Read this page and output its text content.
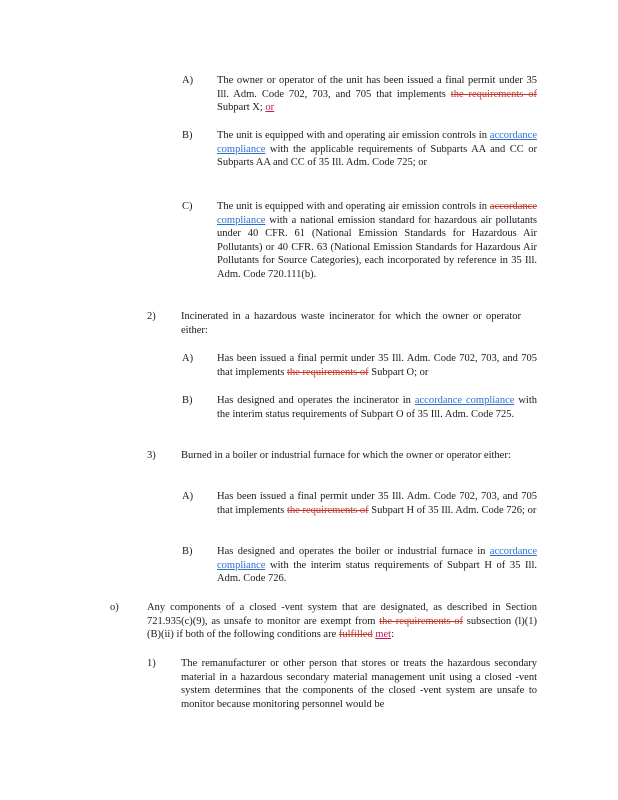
A) The owner or operator of the unit has been issued a final permit under 35 Ill. Adm. Code 702, 703, and 705 that implements the requirements of Subpart X; or

B) The unit is equipped with and operating air emission controls in accordance compliance with the applicable requirements of Subparts AA and CC or Subparts AA and CC of 35 Ill. Adm. Code 725; or

C) The unit is equipped with and operating air emission controls in accordance compliance with a national emission standard for hazardous air pollutants under 40 CFR. 61 (National Emission Standards for Hazardous Air Pollutants) or 40 CFR. 63 (National Emission Standards for Hazardous Air Pollutants for Source Categories), each incorporated by reference in 35 Ill. Adm. Code 720.111(b).

2) Incinerated in a hazardous waste incinerator for which the owner or operator either:

A) Has been issued a final permit under 35 Ill. Adm. Code 702, 703, and 705 that implements the requirements of Subpart O; or

B) Has designed and operates the incinerator in accordance compliance with the interim status requirements of Subpart O of 35 Ill. Adm. Code 725.

3) Burned in a boiler or industrial furnace for which the owner or operator either:

A) Has been issued a final permit under 35 Ill. Adm. Code 702, 703, and 705 that implements the requirements of Subpart H of 35 Ill. Adm. Code 726; or

B) Has designed and operates the boiler or industrial furnace in accordance compliance with the interim status requirements of Subpart H of 35 Ill. Adm. Code 726.

o)	Any components of a closed -vent system that are designated, as described in Section 721.935(c)(9), as unsafe to monitor are exempt from the requirements of subsection (l)(1)(B)(ii) if both of the following conditions are fulfilled met:

1) The remanufacturer or other person that stores or treats the hazardous secondary material in a hazardous secondary material management unit using a closed -vent system determines that the components of the closed -vent system are unsafe to monitor because monitoring personnel would be
